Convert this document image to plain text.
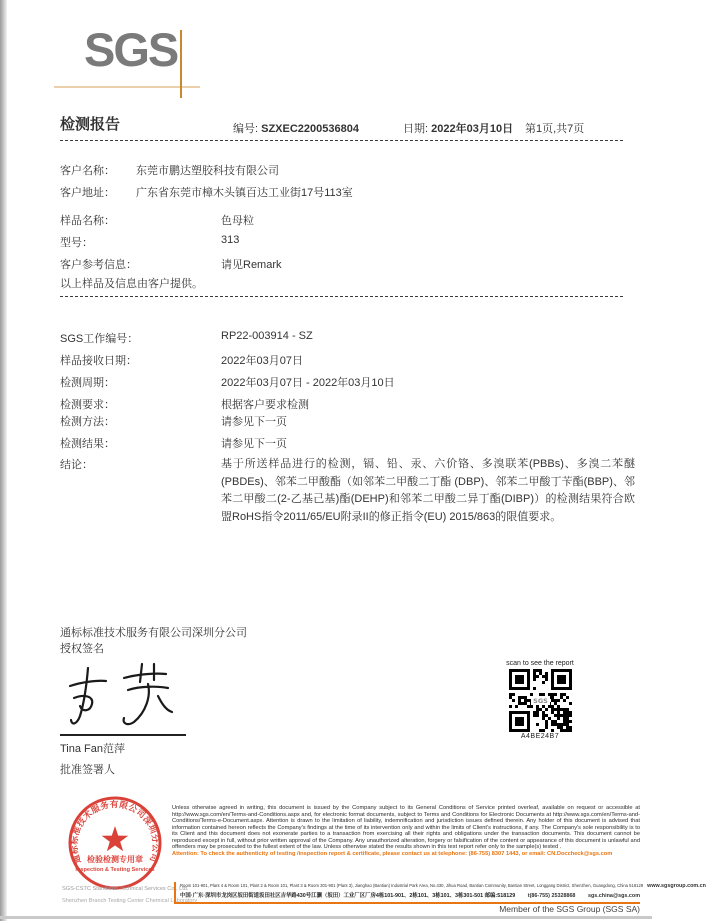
SGS
检测报告	编号: SZXEC2200536804	日期: 2022年03月10日 第1页,共7页
客户名称： 东莞市鹏达塑胶科技有限公司
客户地址： 广东省东莞市樟木头镇百达工业街17号113室
样品名称：	色母粒
型号：	313
客户参考信息：	请见Remark
以上样品及信息由客户提供。
SGS工作编号：	RP22-003914 - SZ
样品接收日期：	2022年03月07日
检测周期：	2022年03月07日 - 2022年03月10日
检测要求：	根据客户要求检测
检测方法：	请参见下一页
检测结果：	请参见下一页
结论：	基于所送样品进行的检测，镉、铅、汞、六价铬、多溴联苯(PBBs)、多溴二苯醚(PBDEs)、邻苯二甲酸酯（如邻苯二甲酸二丁酯 (DBP)、邻苯二甲酸丁苄酯(BBP)、邻苯二甲酸二(2-乙基己基)酯(DEHP)和邻苯二甲酸二异丁酯(DIBP)）的检测结果符合欧盟RoHS指令2011/65/EU附录II的修正指令(EU) 2015/863的限值要求。
通标标准技术服务有限公司深圳分公司
授权签名
Tina Fan范萍
批准签署人
scan to see the report
SGS
A4BE24B7
通标标准技术服务有限公司深圳分公司
检验检测专用章
Inspection & Testing Services
Unless otherwise agreed in writing, this document is issued by the Company subject to its General Conditions of Service printed overleaf, available on request or accessible at http://www.sgs.com/en/Terms-and-Conditions.aspx and, for electronic format documents, subject to Terms and Conditions for Electronic Documents at http://www.sgs.com/en/Terms-and-Conditions/Terms-e-Document.aspx. Attention is drawn to the limitation of liability, indemnification and jurisdiction issues defined therein. Any holder of this document is advised that information contained hereon reflects the Company's findings at the time of its intervention only and within the limits of Client's instructions, if any. The Company's sole responsibility is to its Client and this document does not exonerate parties to a transaction from exercising all their rights and obligations under the transaction documents. This document cannot be reproduced except in full, without prior written approval of the Company. Any unauthorized alteration, forgery or falsification of the content or appearance of this document is unlawful and offenders may be prosecuted to the fullest extent of the law. Unless otherwise stated the results shown in this test report refer only to the sample(s) tested .
Attention: To check the authenticity of testing /inspection report & certificate, please contact us at telephone: (86-755) 8307 1443, or email: CN.Doccheck@sgs.com
SGS-CSTC Standards Technical Services Co., Ltd.
Shenzhen Branch Testing Center Chemical Laboratory
Room 101-901, Plant 4 & Room 101, Plant 2 & Room 101, Plant 3 & Room 301-901 (Plant 3), Jianghao (Bantian) Industrial Park Area, No.430, Jihua Road, Bantian Community, Bantian Street, Longgang District, Shenzhen, Guangdong, China 518129 www.sgsgroup.com.cn
中国·广东·深圳市龙岗区坂田街道坂田社区吉华路430号江灏（坂田）工业厂区厂房4栋101-901、2栋101、3栋101、3栋301-501 邮编:518129 t(86-755) 25328868 sgs.china@sgs.com
Member of the SGS Group (SGS SA)
